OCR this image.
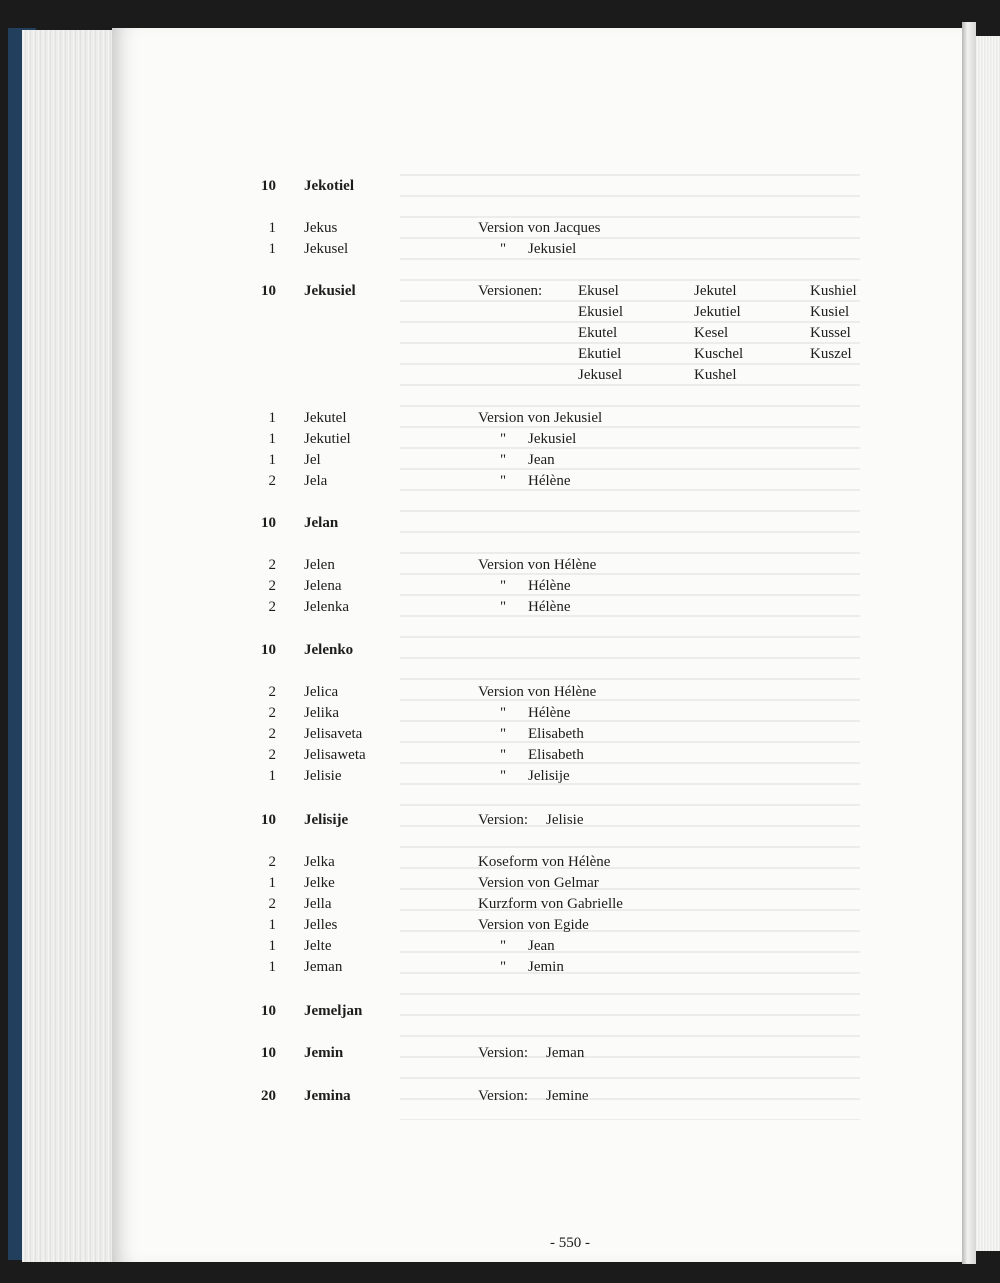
10 Jekotiel
1 Jekus	Version von Jacques
1 Jekusel	" Jekusiel
10 Jekusiel	Versionen: Ekusel	Jekutel	Kushiel
Ekusiel	Jekutiel	Kusiel
Ekutel	Kesel	Kussel
Ekutiel	Kuschel	Kuszel
Jekusel	Kushel
1 Jekutel	Version von Jekusiel
1 Jekutiel	" Jekusiel
1 Jel	" Jean
2 Jela	" Hélène
10 Jelan
2 Jelen	Version von Hélène
2 Jelena	" Hélène
2 Jelenka	" Hélène
10 Jelenko
2 Jelica	Version von Hélène
2 Jelika	" Hélène
2 Jelisaveta	" Elisabeth
2 Jelisaweta	" Elisabeth
1 Jelisie	" Jelisije
10 Jelisije	Version: Jelisie
2 Jelka	Koseform von Hélène
1 Jelke	Version von Gelmar
2 Jella	Kurzform von Gabrielle
1 Jelles	Version von Egide
1 Jelte	" Jean
1 Jeman	" Jemin
10 Jemeljan
10 Jemin	Version: Jeman
20 Jemina	Version: Jemine
- 550 -
